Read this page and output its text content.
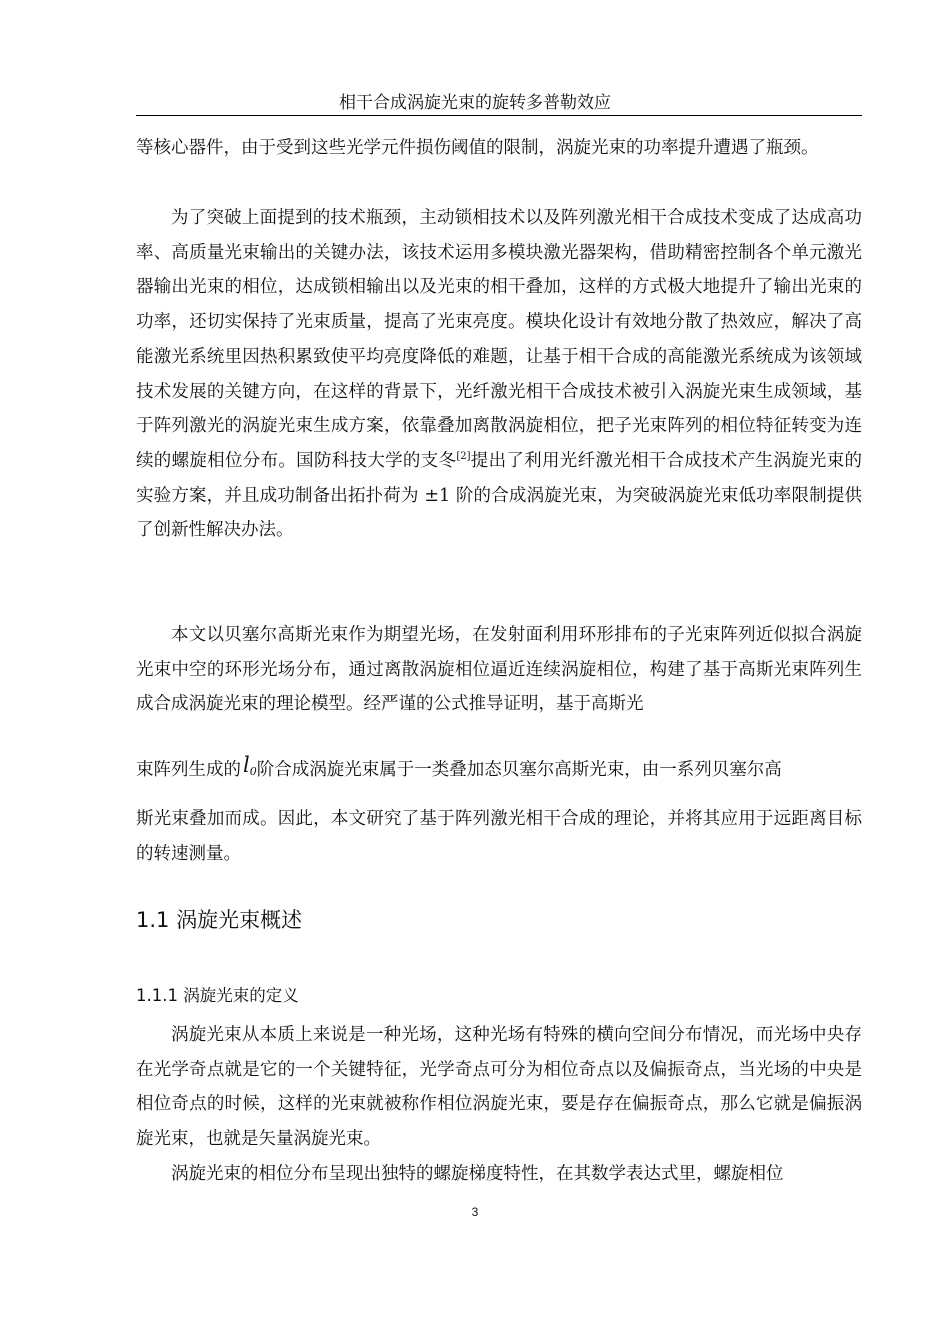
相干合成涡旋光束的旋转多普勒效应

等核心器件，由于受到这些光学元件损伤阈值的限制，涡旋光束的功率提升遭遇了瓶颈。

为了突破上面提到的技术瓶颈，主动锁相技术以及阵列激光相干合成技术变成了达成高功率、高质量光束输出的关键办法，该技术运用多模块激光器架构，借助精密控制各个单元激光器输出光束的相位，达成锁相输出以及光束的相干叠加，这样的方式极大地提升了输出光束的功率，还切实保持了光束质量，提高了光束亮度。模块化设计有效地分散了热效应，解决了高能激光系统里因热积累致使平均亮度降低的难题，让基于相干合成的高能激光系统成为该领域技术发展的关键方向，在这样的背景下，光纤激光相干合成技术被引入涡旋光束生成领域，基于阵列激光的涡旋光束生成方案，依靠叠加离散涡旋相位，把子光束阵列的相位特征转变为连续的螺旋相位分布。国防科技大学的支冬[2]提出了利用光纤激光相干合成技术产生涡旋光束的实验方案，并且成功制备出拓扑荷为 ±1 阶的合成涡旋光束，为突破涡旋光束低功率限制提供了创新性解决办法。

本文以贝塞尔高斯光束作为期望光场，在发射面利用环形排布的子光束阵列近似拟合涡旋光束中空的环形光场分布，通过离散涡旋相位逼近连续涡旋相位，构建了基于高斯光束阵列生成合成涡旋光束的理论模型。经严谨的公式推导证明，基于高斯光

束阵列生成的$l_0$阶合成涡旋光束属于一类叠加态贝塞尔高斯光束，由一系列贝塞尔高

斯光束叠加而成。因此，本文研究了基于阵列激光相干合成的理论，并将其应用于远距离目标的转速测量。

1.1 涡旋光束概述
1.1.1 涡旋光束的定义

涡旋光束从本质上来说是一种光场，这种光场有特殊的横向空间分布情况，而光场中央存在光学奇点就是它的一个关键特征，光学奇点可分为相位奇点以及偏振奇点，当光场的中央是相位奇点的时候，这样的光束就被称作相位涡旋光束，要是存在偏振奇点，那么它就是偏振涡旋光束，也就是矢量涡旋光束。

涡旋光束的相位分布呈现出独特的螺旋梯度特性，在其数学表达式里，螺旋相位

3
